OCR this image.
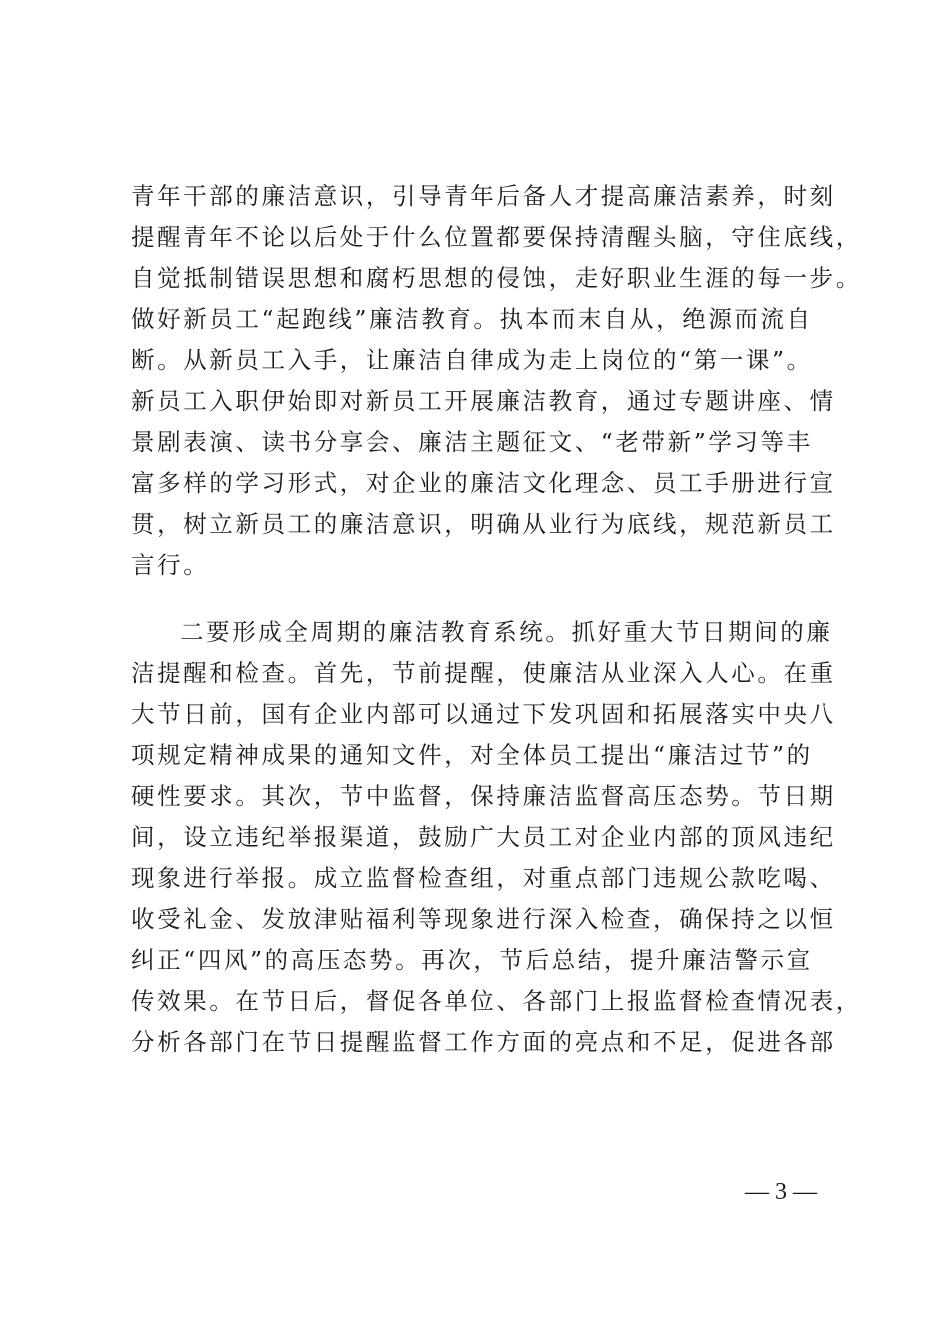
青年干部的廉洁意识，引导青年后备人才提高廉洁素养，时刻
提醒青年不论以后处于什么位置都要保持清醒头脑，守住底线，
自觉抵制错误思想和腐朽思想的侵蚀，走好职业生涯的每一步。
做好新员工“起跑线”廉洁教育。执本而末自从，绝源而流自
断。从新员工入手，让廉洁自律成为走上岗位的“第一课”。
新员工入职伊始即对新员工开展廉洁教育，通过专题讲座、情
景剧表演、读书分享会、廉洁主题征文、“老带新”学习等丰
富多样的学习形式，对企业的廉洁文化理念、员工手册进行宣
贯，树立新员工的廉洁意识，明确从业行为底线，规范新员工
言行。
二要形成全周期的廉洁教育系统。抓好重大节日期间的廉
洁提醒和检查。首先，节前提醒，使廉洁从业深入人心。在重
大节日前，国有企业内部可以通过下发巩固和拓展落实中央八
项规定精神成果的通知文件，对全体员工提出“廉洁过节”的
硬性要求。其次，节中监督，保持廉洁监督高压态势。节日期
间，设立违纪举报渠道，鼓励广大员工对企业内部的顶风违纪
现象进行举报。成立监督检查组，对重点部门违规公款吃喝、
收受礼金、发放津贴福利等现象进行深入检查，确保持之以恒
纠正“四风”的高压态势。再次，节后总结，提升廉洁警示宣
传效果。在节日后，督促各单位、各部门上报监督检查情况表，
分析各部门在节日提醒监督工作方面的亮点和不足，促进各部
— 3 —
